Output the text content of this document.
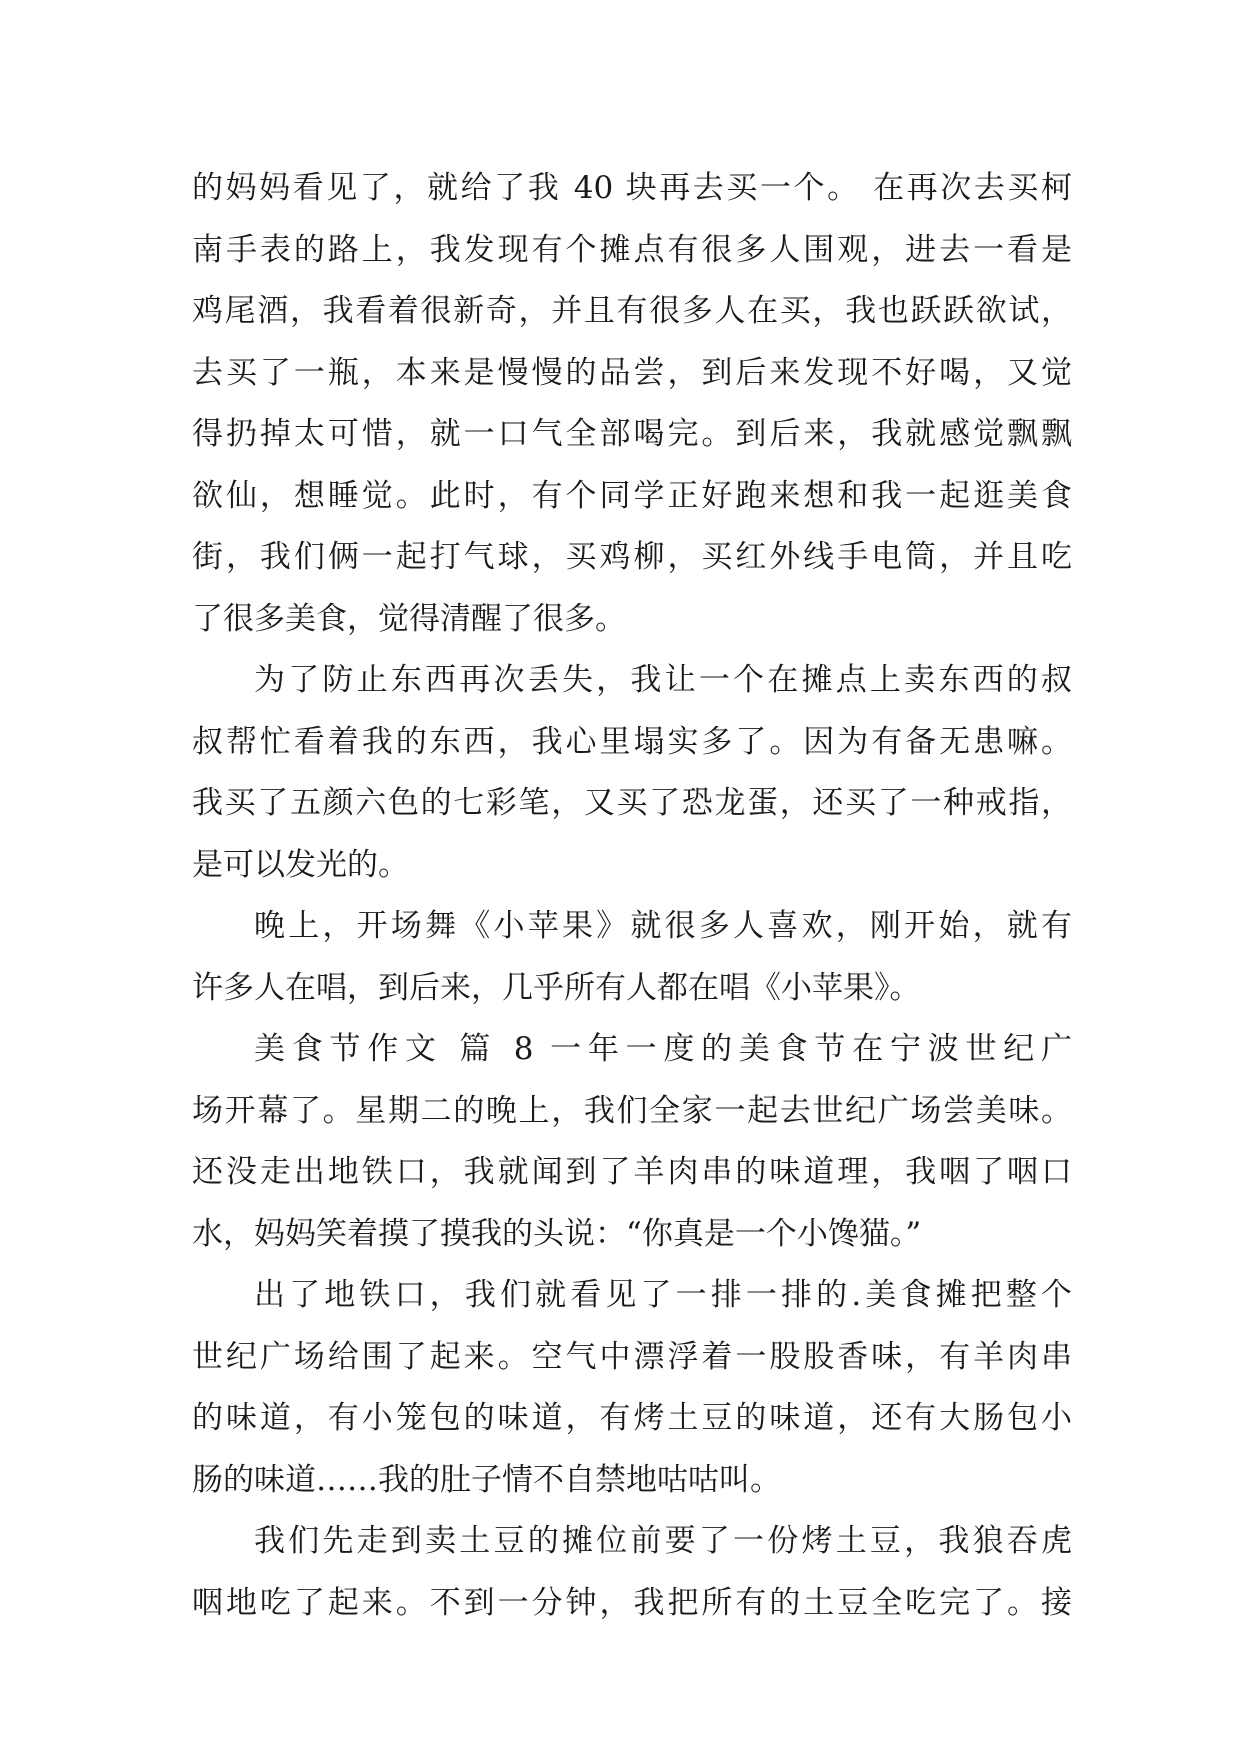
的妈妈看见了，就给了我 40 块再去买一个。 在再次去买柯
南手表的路上，我发现有个摊点有很多人围观，进去一看是
鸡尾酒，我看着很新奇，并且有很多人在买，我也跃跃欲试，
去买了一瓶，本来是慢慢的品尝，到后来发现不好喝，又觉
得扔掉太可惜，就一口气全部喝完。到后来，我就感觉飘飘
欲仙，想睡觉。此时，有个同学正好跑来想和我一起逛美食
街，我们俩一起打气球，买鸡柳，买红外线手电筒，并且吃
了很多美食，觉得清醒了很多。
为了防止东西再次丢失，我让一个在摊点上卖东西的叔
叔帮忙看着我的东西，我心里塌实多了。因为有备无患嘛。
我买了五颜六色的七彩笔，又买了恐龙蛋，还买了一种戒指，
是可以发光的。
晚上，开场舞《小苹果》就很多人喜欢，刚开始，就有
许多人在唱，到后来，几乎所有人都在唱《小苹果》。
美食节作文 篇 8 一年一度的美食节在宁波世纪广
场开幕了。星期二的晚上，我们全家一起去世纪广场尝美味。
还没走出地铁口，我就闻到了羊肉串的味道理，我咽了咽口
水，妈妈笑着摸了摸我的头说：“你真是一个小馋猫。”
出了地铁口，我们就看见了一排一排的.美食摊把整个
世纪广场给围了起来。空气中漂浮着一股股香味，有羊肉串
的味道，有小笼包的味道，有烤土豆的味道，还有大肠包小
肠的味道……我的肚子情不自禁地咕咕叫。
我们先走到卖土豆的摊位前要了一份烤土豆，我狼吞虎
咽地吃了起来。不到一分钟，我把所有的土豆全吃完了。接
